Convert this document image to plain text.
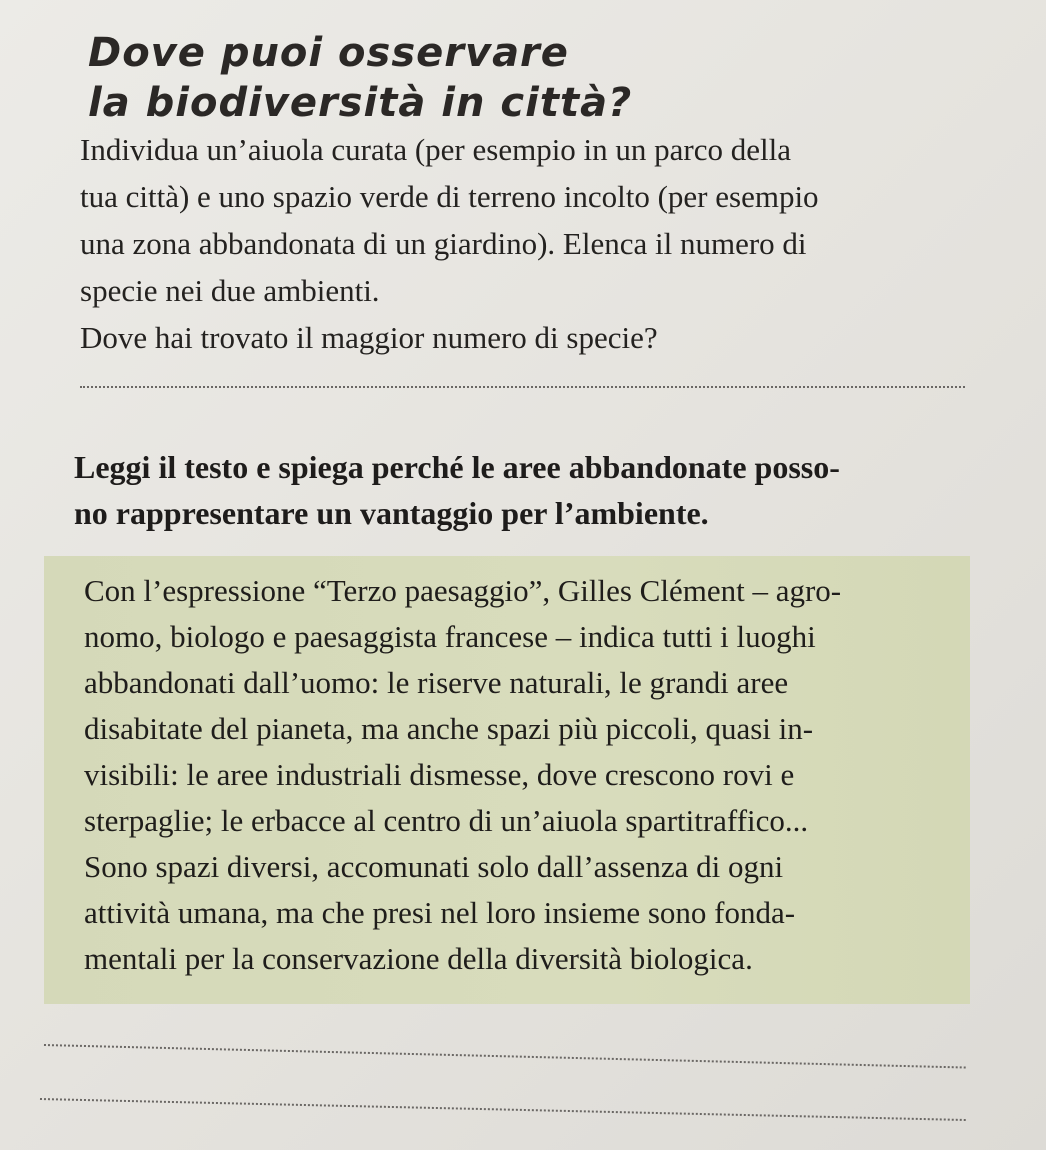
Dove puoi osservare
la biodiversità in città?
Individua un’aiuola curata (per esempio in un parco della
tua città) e uno spazio verde di terreno incolto (per esempio
una zona abbandonata di un giardino). Elenca il numero di
specie nei due ambienti.
Dove hai trovato il maggior numero di specie?
Leggi il testo e spiega perché le aree abbandonate posso-
no rappresentare un vantaggio per l’ambiente.
Con l’espressione “Terzo paesaggio”, Gilles Clément – agro-
nomo, biologo e paesaggista francese – indica tutti i luoghi
abbandonati dall’uomo: le riserve naturali, le grandi aree
disabitate del pianeta, ma anche spazi più piccoli, quasi in-
visibili: le aree industriali dismesse, dove crescono rovi e
sterpaglie; le erbacce al centro di un’aiuola spartitraffico...
Sono spazi diversi, accomunati solo dall’assenza di ogni
attività umana, ma che presi nel loro insieme sono fonda-
mentali per la conservazione della diversità biologica.
